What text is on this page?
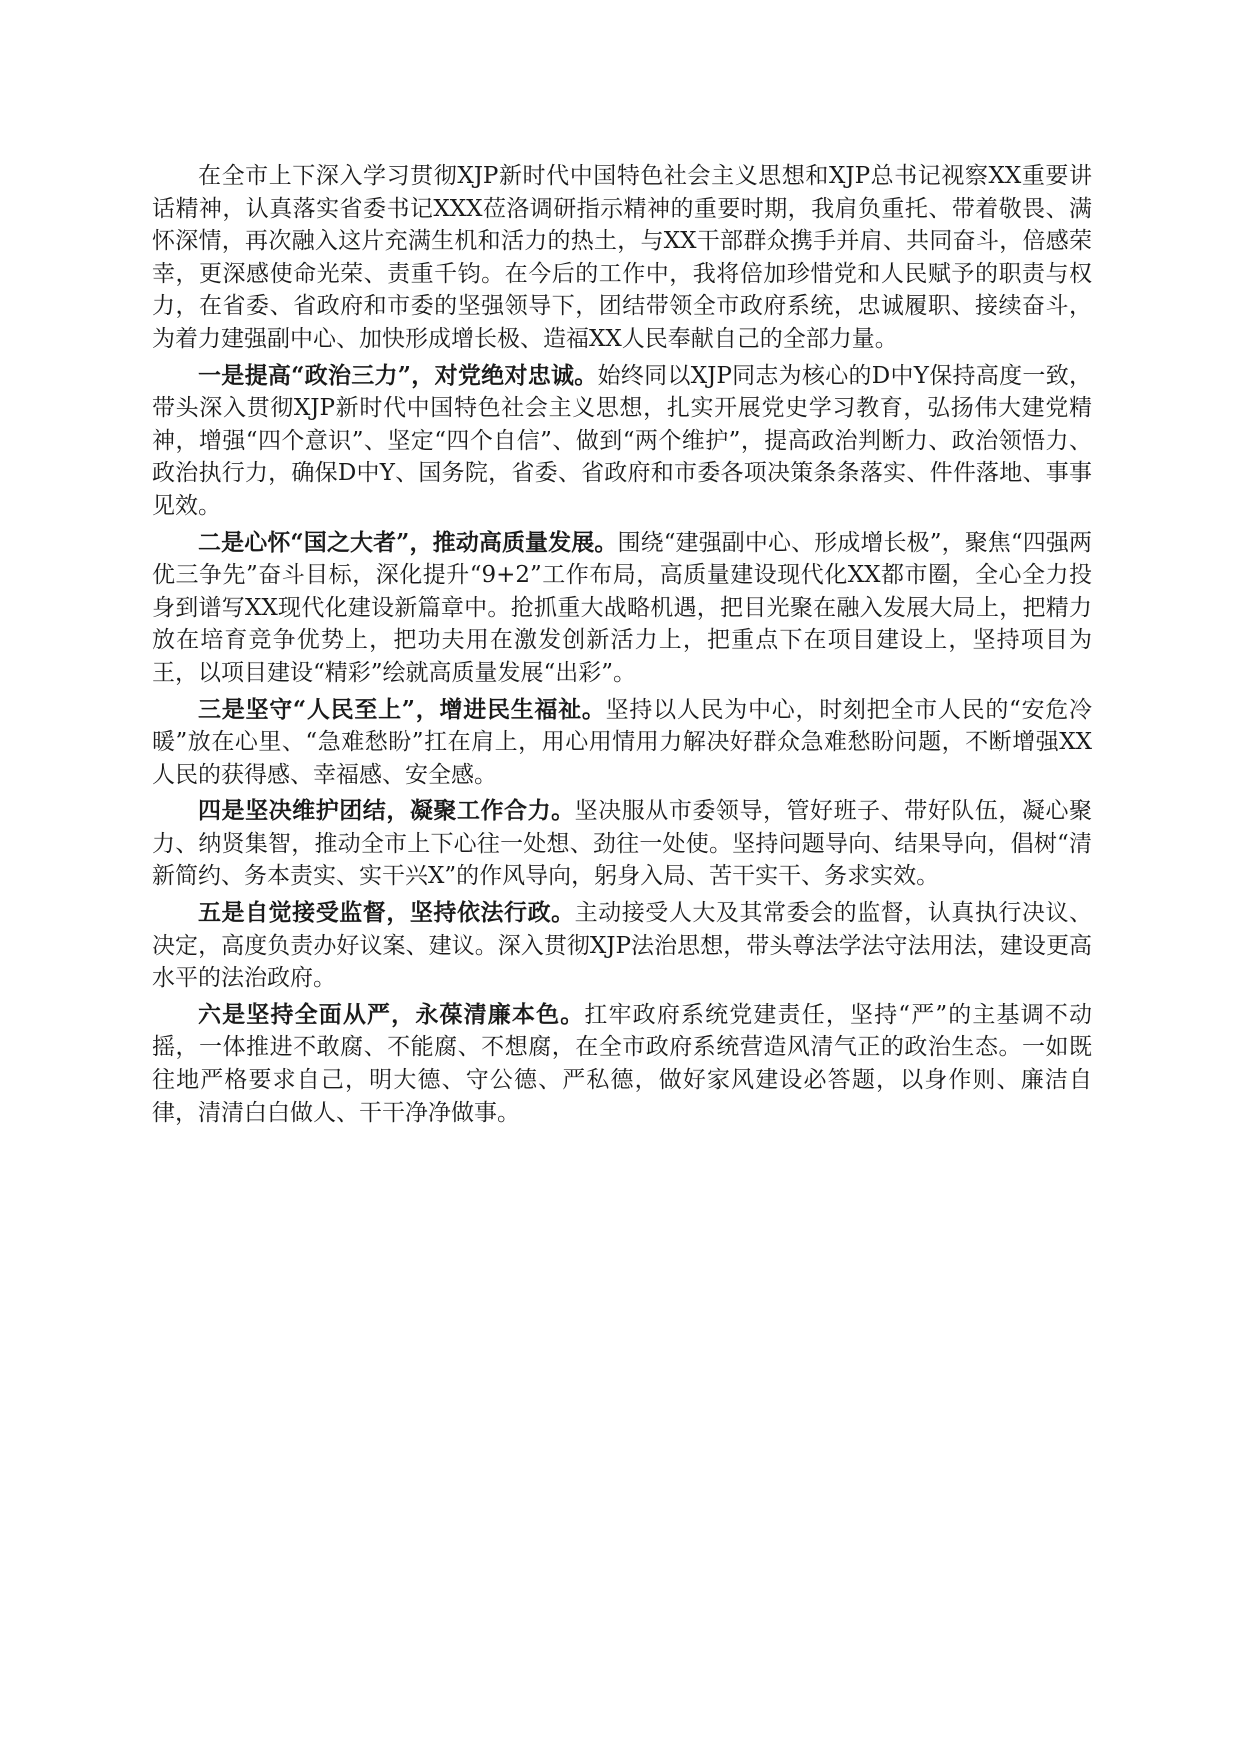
在全市上下深入学习贯彻XJP新时代中国特色社会主义思想和XJP总书记视察XX重要讲话精神，认真落实省委书记XXX莅洛调研指示精神的重要时期，我肩负重托、带着敬畏、满怀深情，再次融入这片充满生机和活力的热土，与XX干部群众携手并肩、共同奋斗，倍感荣幸，更深感使命光荣、责重千钧。在今后的工作中，我将倍加珍惜党和人民赋予的职责与权力，在省委、省政府和市委的坚强领导下，团结带领全市政府系统，忠诚履职、接续奋斗，为着力建强副中心、加快形成增长极、造福XX人民奉献自己的全部力量。

一是提高“政治三力”，对党绝对忠诚。始终同以XJP同志为核心的D中Y保持高度一致，带头深入贯彻XJP新时代中国特色社会主义思想，扎实开展党史学习教育，弘扬伟大建党精神，增强“四个意识”、坚定“四个自信”、做到“两个维护”，提高政治判断力、政治领悟力、政治执行力，确保D中Y、国务院，省委、省政府和市委各项决策条条落实、件件落地、事事见效。

二是心怀“国之大者”，推动高质量发展。围绕“建强副中心、形成增长极”，聚焦“四强两优三争先”奋斗目标，深化提升“9+2”工作布局，高质量建设现代化XX都市圈，全心全力投身到谱写XX现代化建设新篇章中。抢抓重大战略机遇，把目光聚在融入发展大局上，把精力放在培育竞争优势上，把功夫用在激发创新活力上，把重点下在项目建设上，坚持项目为王，以项目建设“精彩”绘就高质量发展“出彩”。

三是坚守“人民至上”，增进民生福祉。坚持以人民为中心，时刻把全市人民的“安危冷暖”放在心里、“急难愁盼”扛在肩上，用心用情用力解决好群众急难愁盼问题，不断增强XX人民的获得感、幸福感、安全感。

四是坚决维护团结，凝聚工作合力。坚决服从市委领导，管好班子、带好队伍，凝心聚力、纳贤集智，推动全市上下心往一处想、劲往一处使。坚持问题导向、结果导向，倡树“清新简约、务本责实、实干兴X”的作风导向，躬身入局、苦干实干、务求实效。

五是自觉接受监督，坚持依法行政。主动接受人大及其常委会的监督，认真执行决议、决定，高度负责办好议案、建议。深入贯彻XJP法治思想，带头尊法学法守法用法，建设更高水平的法治政府。

六是坚持全面从严，永葆清廉本色。扛牢政府系统党建责任，坚持“严”的主基调不动摇，一体推进不敢腐、不能腐、不想腐，在全市政府系统营造风清气正的政治生态。一如既往地严格要求自己，明大德、守公德、严私德，做好家风建设必答题，以身作则、廉洁自律，清清白白做人、干干净净做事。
